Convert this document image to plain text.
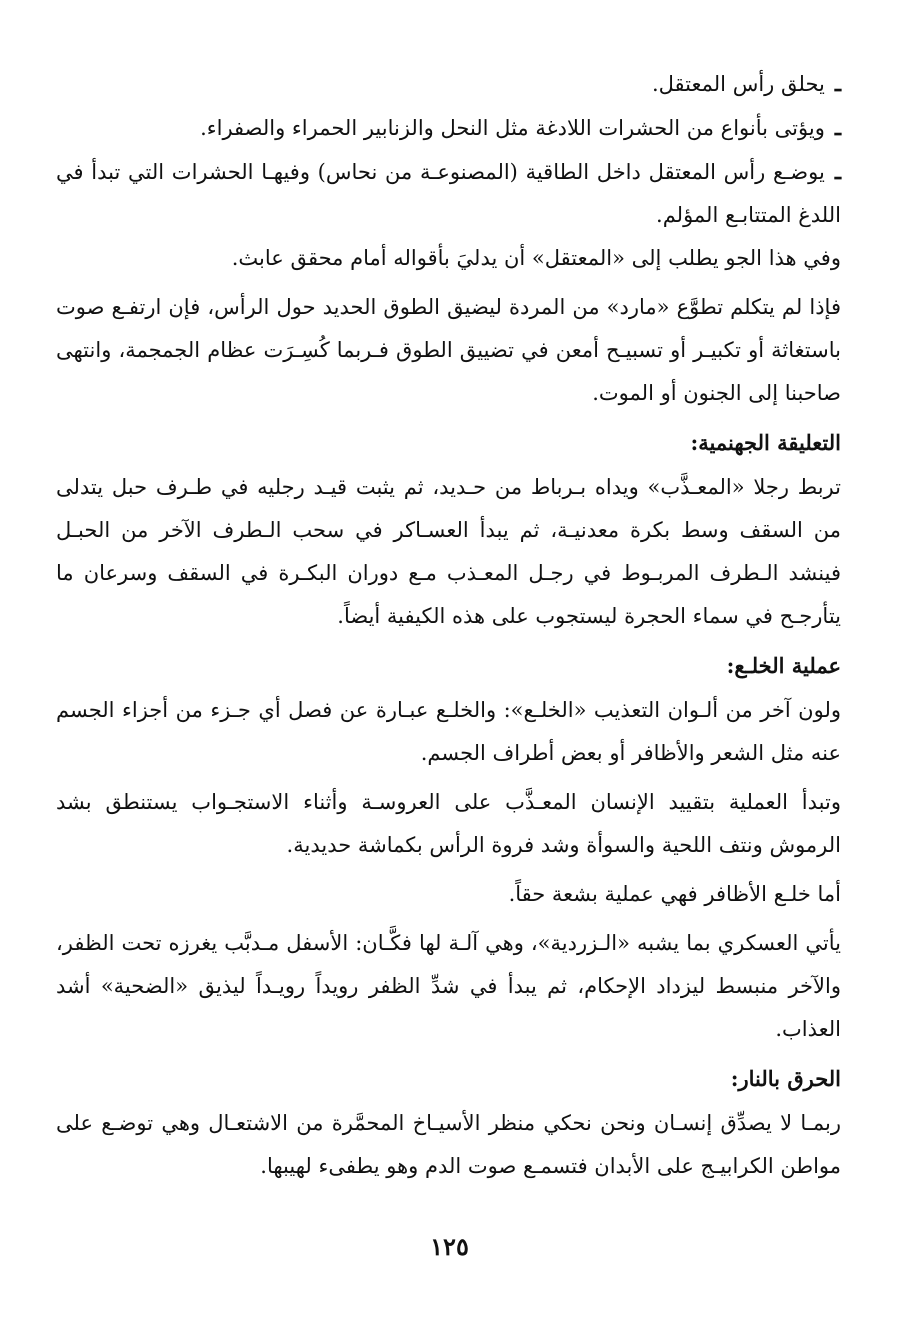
ـيحلق رأس المعتقل.
ـويؤتى بأنواع من الحشرات اللادغة مثل النحل والزنابير الحمراء والصفراء.
ـيوضـع رأس المعتقل داخل الطاقية (المصنوعـة من نحاس) وفيهـا الحشرات التي تبدأ في اللدغ المتتابـع المؤلم.

وفي هذا الجو يطلب إلى «المعتقل» أن يدليَ بأقواله أمام محقق عابث.

فإذا لم يتكلم تطوَّع «مارد» من المردة ليضيق الطوق الحديد حول الرأس، فإن ارتفـع صوت باستغاثة أو تكبيـر أو تسبيـح أمعن في تضييق الطوق فـربما كُسِـرَت عظام الجمجمة، وانتهى صاحبنا إلى الجنون أو الموت.

التعليقة الجهنمية:

تربط رجلا «المعـذَّب» ويداه بـرباط من حـديد، ثم يثبت قيـد رجليه في طـرف حبل يتدلى من السقف وسط بكرة معدنيـة، ثم يبدأ العسـاكر في سحب الـطرف الآخر من الحبـل فينشد الـطرف المربـوط في رجـل المعـذب مـع دوران البكـرة في السقف وسرعان ما يتأرجـح في سماء الحجرة ليستجوب على هذه الكيفية أيضاً.

عملية الخلـع:

ولون آخر من ألـوان التعذيب «الخلـع»: والخلـع عبـارة عن فصل أي جـزء من أجزاء الجسم عنه مثل الشعر والأظافر أو بعض أطراف الجسم.

وتبدأ العملية بتقييد الإنسان المعـذَّب على العروسـة وأثناء الاستجـواب يستنطق بشد الرموش ونتف اللحية والسوأة وشد فروة الرأس بكماشة حديدية.

أما خلـع الأظافر فهي عملية بشعة حقاً.

يأتي العسكري بما يشبه «الـزردية»، وهي آلـة لها فكَّـان: الأسفل مـدبَّب يغرزه تحت الظفر، والآخر منبسط ليزداد الإحكام، ثم يبدأ في شدِّ الظفر رويداً رويـداً ليذيق «الضحية» أشد العذاب.

الحرق بالنار:

ربمـا لا يصدِّق إنسـان ونحن نحكي منظر الأسيـاخ المحمَّرة من الاشتعـال وهي توضـع على مواطن الكرابيـج على الأبدان فتسمـع صوت الدم وهو يطفىء لهيبها.

١٢٥
